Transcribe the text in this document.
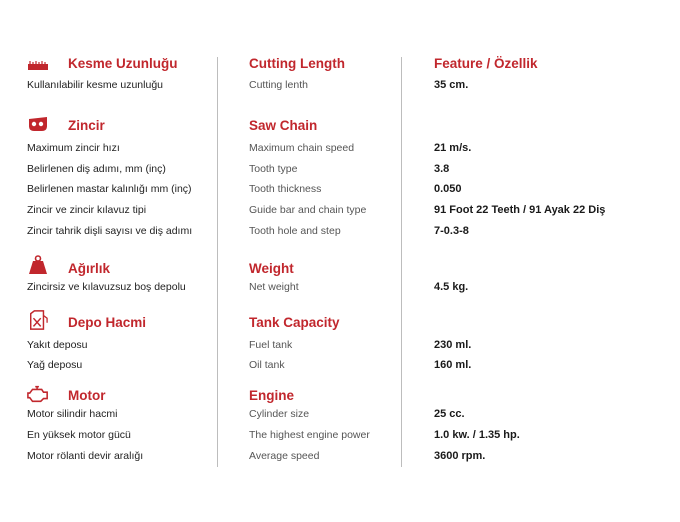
Kesme Uzunluğu
Kullanılabilir kesme uzunluğu
Zincir
Maximum zincir hızı
Belirlenen diş adımı, mm (inç)
Belirlenen mastar kalınlığı mm (inç)
Zincir ve zincir kılavuz tipi
Zincir tahrik dişli sayısı ve diş adımı
Ağırlık
Zincirsiz ve kılavuzsuz boş depolu
Depo Hacmi
Yakıt deposu
Yağ deposu
Motor
Motor silindir hacmi
En yüksek motor gücü
Motor rölanti devir aralığı
Cutting Length
Cutting lenth
Saw Chain
Maximum chain speed
Tooth type
Tooth thickness
Guide bar and chain type
Tooth hole and step
Weight
Net weight
Tank Capacity
Fuel tank
Oil tank
Engine
Cylinder size
The highest engine power
Average speed
Feature / Özellik
35 cm.
21 m/s.
3.8
0.050
91 Foot 22 Teeth / 91 Ayak 22 Diş
7-0.3-8
4.5 kg.
230 ml.
160 ml.
25 cc.
1.0 kw. / 1.35 hp.
3600 rpm.
